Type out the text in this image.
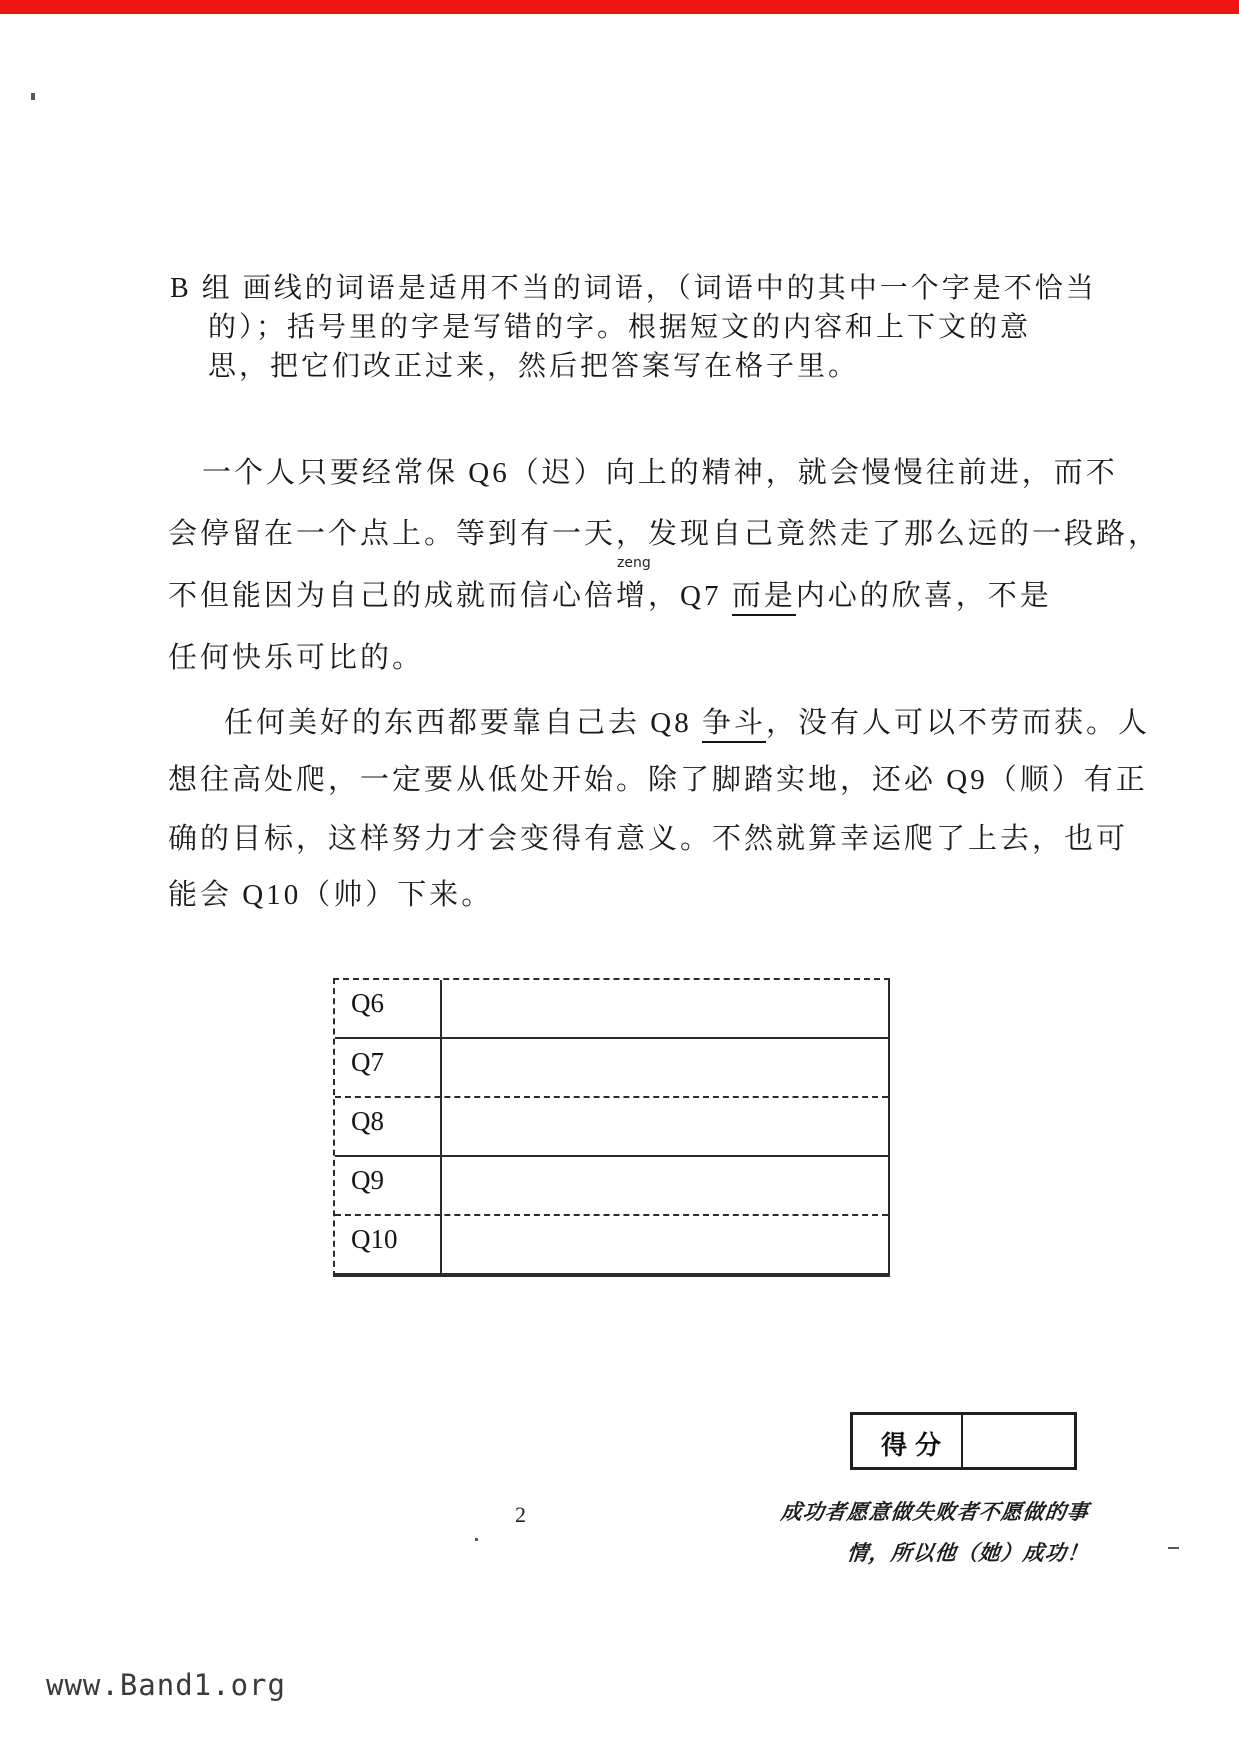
B 组 画线的词语是适用不当的词语，（词语中的其中一个字是不恰当
的）；括号里的字是写错的字。根据短文的内容和上下文的意
思，把它们改正过来，然后把答案写在格子里。
一个人只要经常保 Q6（迟）向上的精神，就会慢慢往前进，而不
会停留在一个点上。等到有一天，发现自己竟然走了那么远的一段路，
不但能因为自己的成就而信心倍
zeng
增，Q7 而是内心的欣喜，不是
任何快乐可比的。
任何美好的东西都要靠自己去 Q8 争斗，没有人可以不劳而获。人
想往高处爬，一定要从低处开始。除了脚踏实地，还必 Q9（顺）有正
确的目标，这样努力才会变得有意义。不然就算幸运爬了上去，也可
能会 Q10（帅）下来。
Q6
Q7
Q8
Q9
Q10
得分
2	成功者愿意做失败者不愿做的事
情，所以他（她）成功！
www.Band1.org
